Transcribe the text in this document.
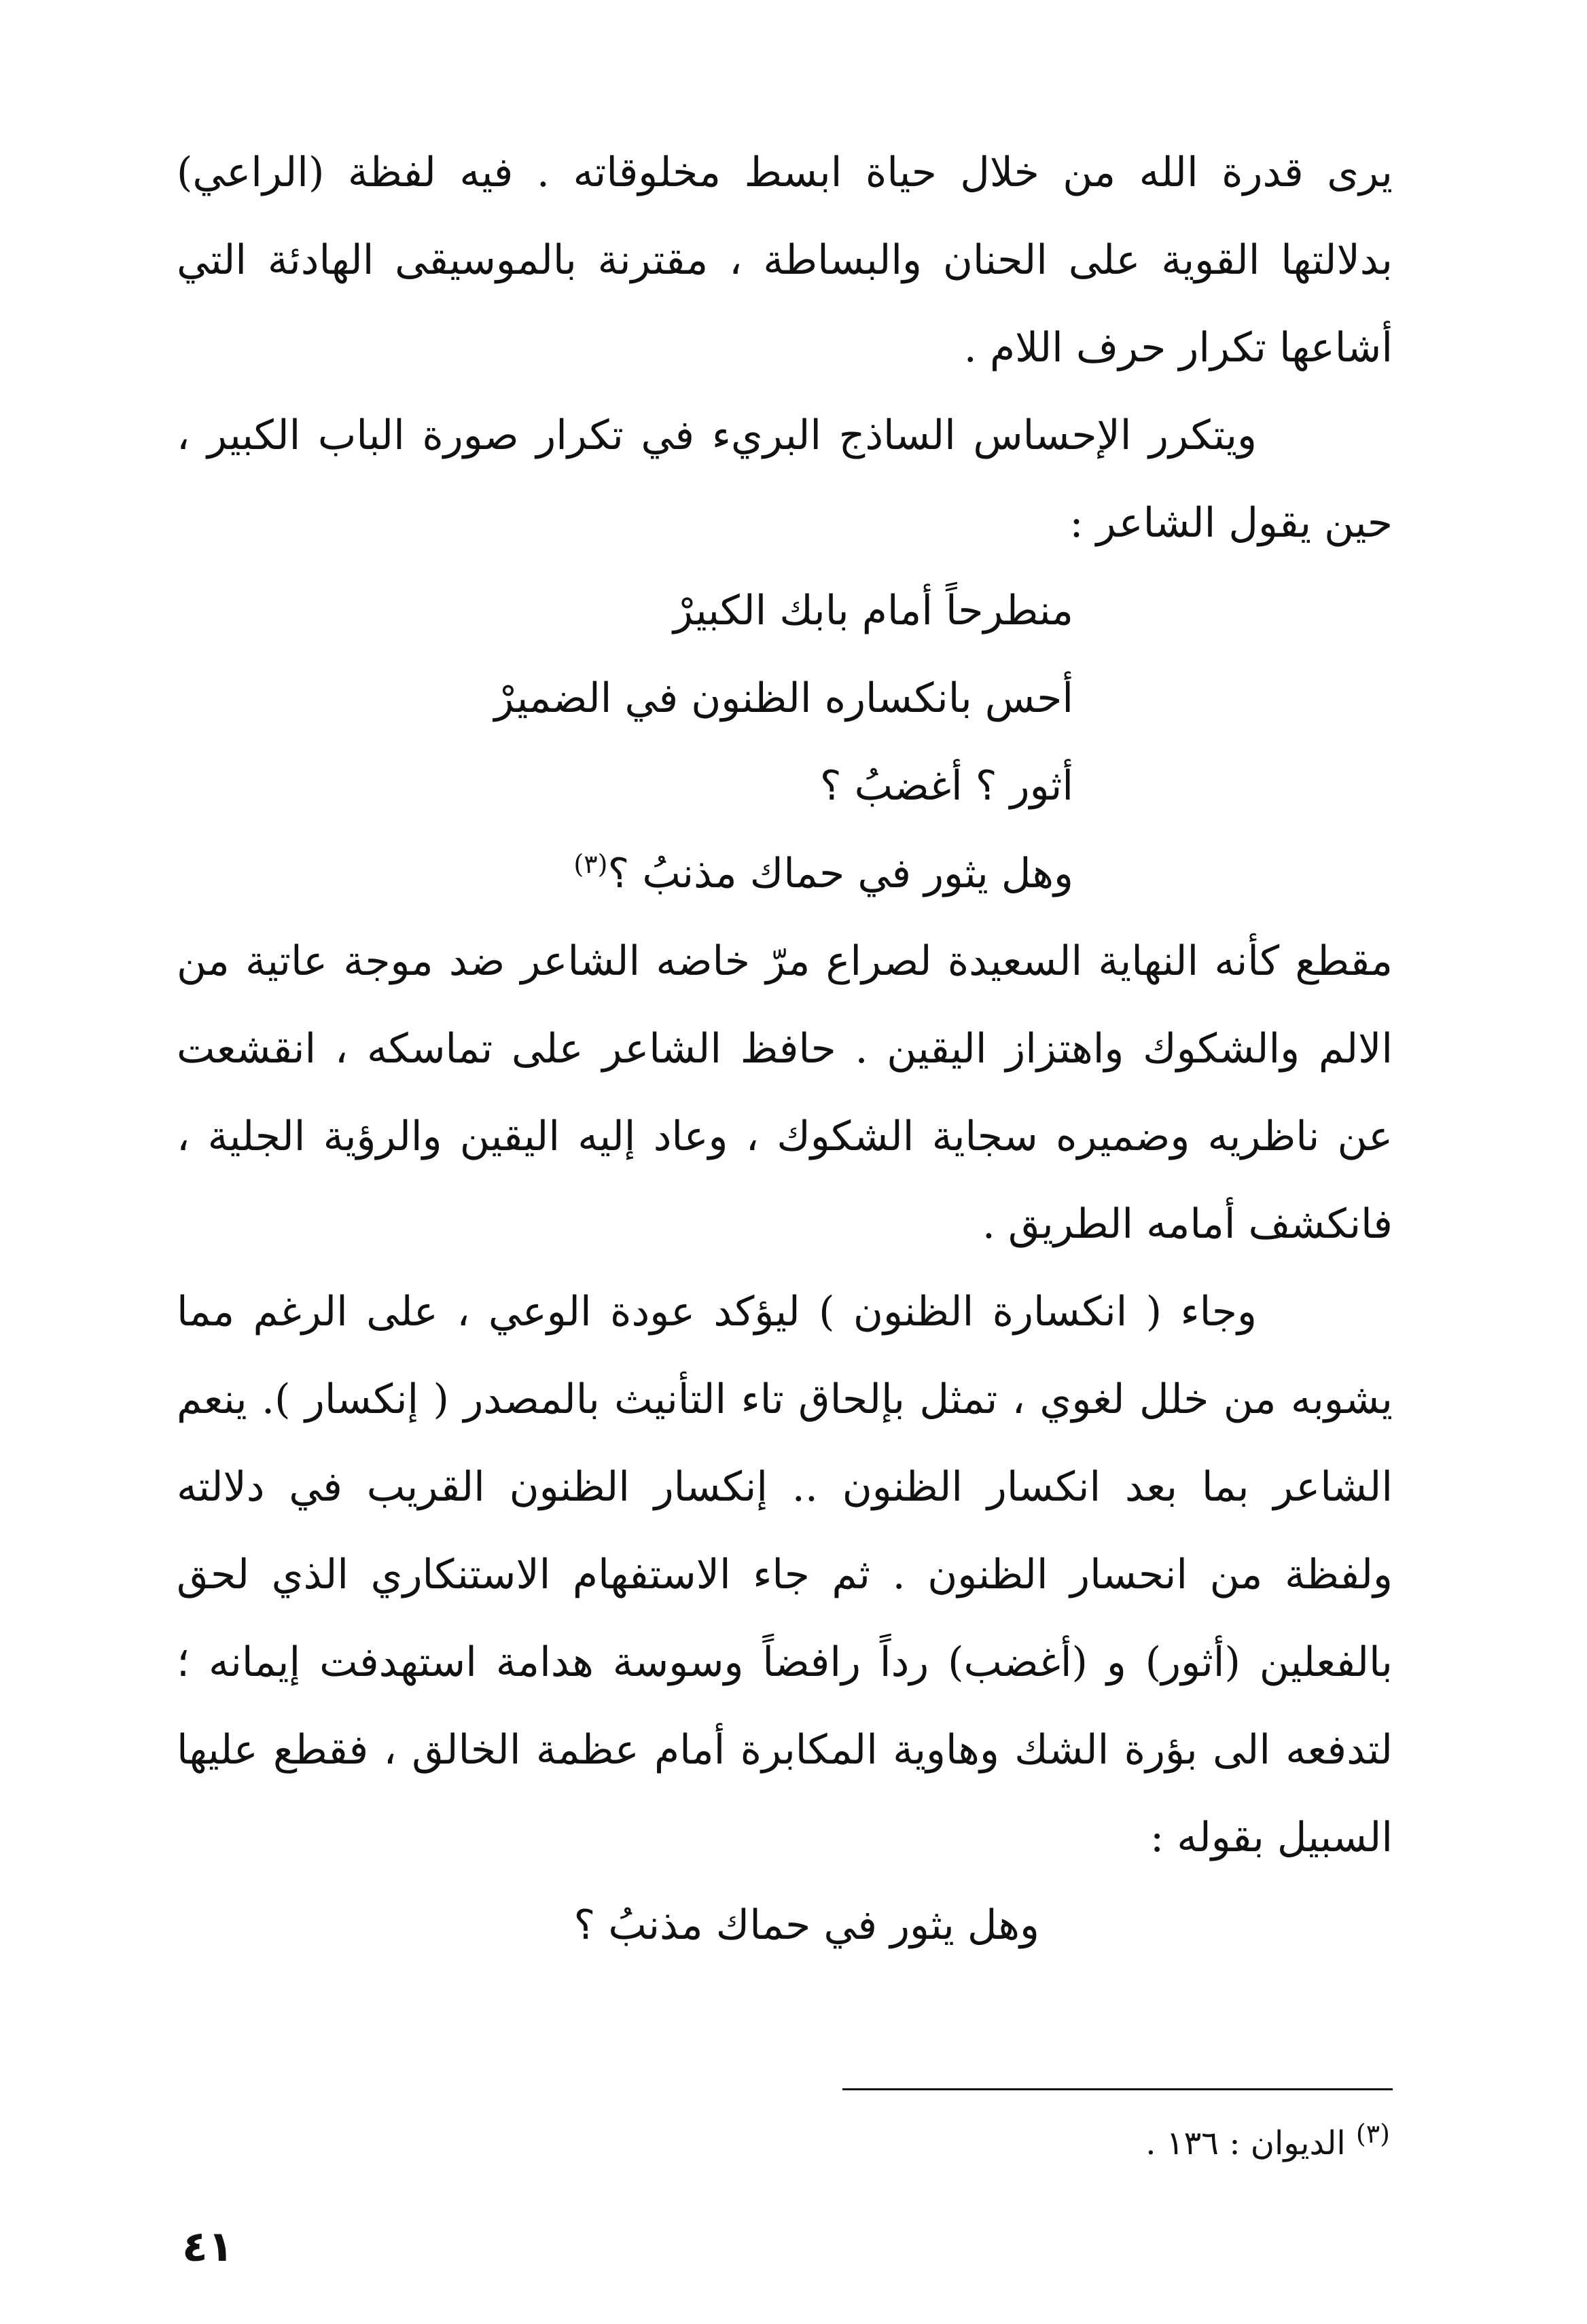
يرى قدرة الله من خلال حياة ابسط مخلوقاته . فيه لفظة (الراعي) بدلالتها القوية على الحنان والبساطة ، مقترنة بالموسيقى الهادئة التي أشاعها تكرار حرف اللام .

ويتكرر الإحساس الساذج البريء في تكرار صورة الباب الكبير ، حين يقول الشاعر :

منطرحاً أمام بابك الكبيرْ

أحس بانكساره الظنون في الضميرْ

أثور ؟ أغضبُ ؟

وهل يثور في حماك مذنبُ ؟$^{(٣)}$

مقطع كأنه النهاية السعيدة لصراع مرّ خاضه الشاعر ضد موجة عاتية من الالم والشكوك واهتزاز اليقين . حافظ الشاعر على تماسكه ، انقشعت عن ناظريه وضميره سجاية الشكوك ، وعاد إليه اليقين والرؤية الجلية ، فانكشف أمامه الطريق .

وجاء ( انكسارة الظنون ) ليؤكد عودة الوعي ، على الرغم مما يشوبه من خلل لغوي ، تمثل بإلحاق تاء التأنيث بالمصدر ( إنكسار ). ينعم الشاعر بما بعد انكسار الظنون .. إنكسار الظنون القريب في دلالته ولفظة من انحسار الظنون . ثم جاء الاستفهام الاستنكاري الذي لحق بالفعلين (أثور) و (أغضب) رداً رافضاً وسوسة هدامة استهدفت إيمانه ؛ لتدفعه الى بؤرة الشك وهاوية المكابرة أمام عظمة الخالق ، فقطع عليها السبيل بقوله :

وهل يثور في حماك مذنبُ ؟

$^{(٣)}$ الديوان : ١٣٦ .
٤١
